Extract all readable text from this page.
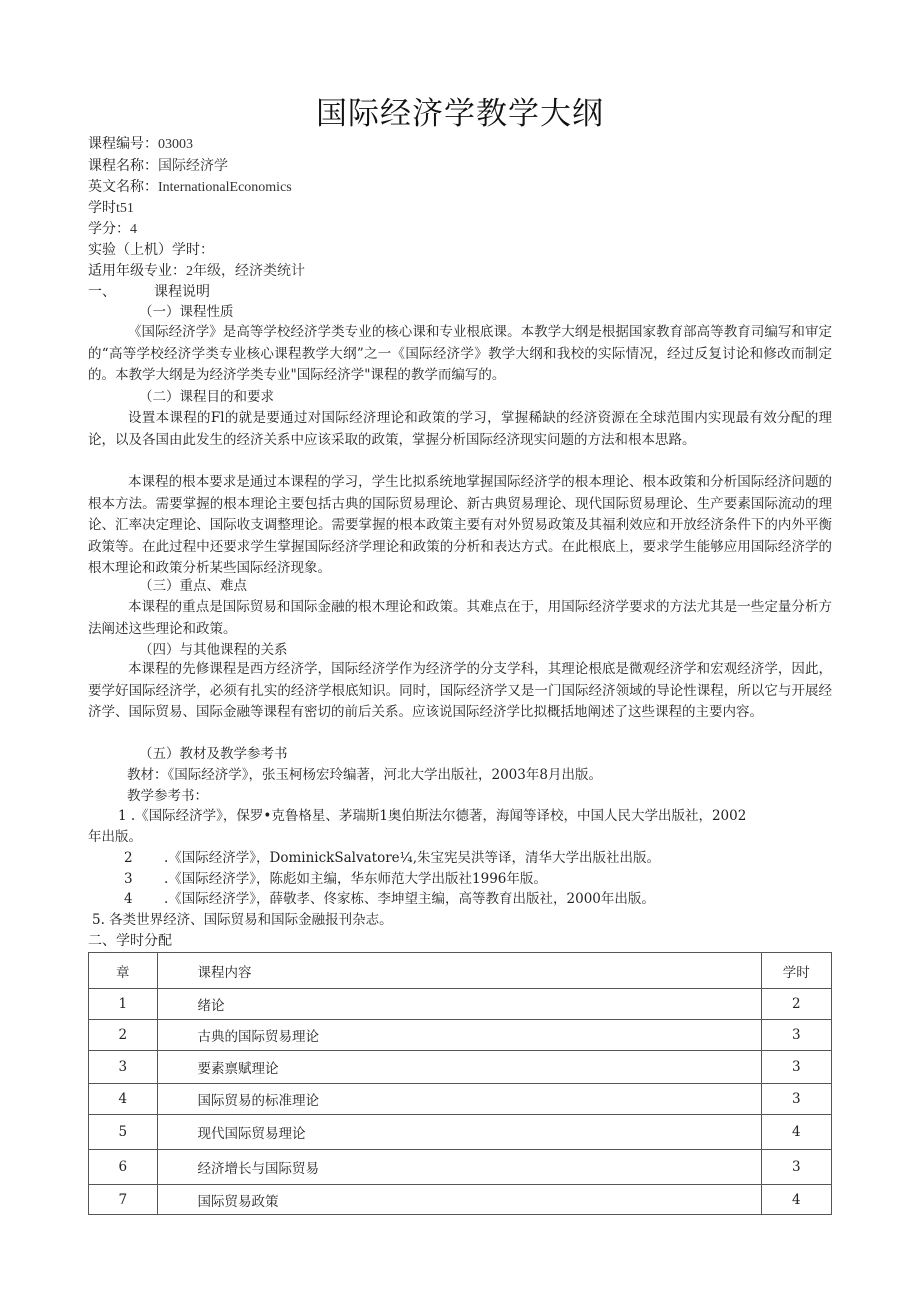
国际经济学教学大纲
课程编号：03003
课程名称：国际经济学
英文名称：InternationalEconomics
学时t51
学分：4
实验（上机）学时：
适用年级专业：2年级，经济类统计
一、	课程说明
（一）课程性质
《国际经济学》是高等学校经济学类专业的核心课和专业根底课。本教学大纲是根据国家教育部高等教育司编写和审定的“高等学校经济学类专业核心课程教学大纲”之一《国际经济学》教学大纲和我校的实际情况，经过反复讨论和修改而制定的。本教学大纲是为经济学类专业"国际经济学"课程的教学而编写的。
（二）课程目的和要求
设置本课程的Fl的就是要通过对国际经济理论和政策的学习，掌握稀缺的经济资源在全球范围内实现最有效分配的理论，以及各国由此发生的经济关系中应该采取的政策，掌握分析国际经济现实问题的方法和根本思路。
本课程的根本要求是通过本课程的学习，学生比拟系统地掌握国际经济学的根本理论、根本政策和分析国际经济问题的根本方法。需要掌握的根本理论主要包括古典的国际贸易理论、新古典贸易理论、现代国际贸易理论、生产要素国际流动的理论、汇率决定理论、国际收支调整理论。需要掌握的根本政策主要有对外贸易政策及其福利效应和开放经济条件下的内外平衡政策等。在此过程中还要求学生掌握国际经济学理论和政策的分析和表达方式。在此根底上，要求学生能够应用国际经济学的根木理论和政策分析某些国际经济现象。
（三）重点、难点
本课程的重点是国际贸易和国际金融的根木理论和政策。其难点在于，用国际经济学要求的方法尤其是一些定量分析方法阐述这些理论和政策。
（四）与其他课程的关系
本课程的先修课程是西方经济学，国际经济学作为经济学的分支学科，其理论根底是微观经济学和宏观经济学，因此，要学好国际经济学，必须有扎实的经济学根底知识。同时，国际经济学又是一门国际经济领域的导论性课程，所以它与开展经济学、国际贸易、国际金融等课程有密切的前后关系。应该说国际经济学比拟概括地阐述了这些课程的主要内容。
（五）教材及教学参考书
教材：《国际经济学》，张玉柯杨宏玲编著，河北大学出版社，2003年8月出版。
教学参考书：
1 .《国际经济学》，保罗•克鲁格星、茅瑞斯1奥伯斯法尔德著，海闻等译校，中国人民大学出版社，2002
年出版。
2 .《国际经济学》，DominickSalvatore¼,朱宝宪吴洪等译，清华大学出版社出版。
3 .《国际经济学》，陈彪如主编，华东师范大学出版社1996年版。
4 .《国际经济学》，薛敬孝、佟家栋、李坤望主编，高等教育出版社，2000年出版。
5. 各类世界经济、国际贸易和国际金融报刊杂志。
二、学时分配
章	课程内容	学时
1	绪论	2
2	古典的国际贸易理论	3
3	要素禀赋理论	3
4	国际贸易的标准理论	3
5	现代国际贸易理论	4
6	经济增长与国际贸易	3
7	国际贸易政策	4
